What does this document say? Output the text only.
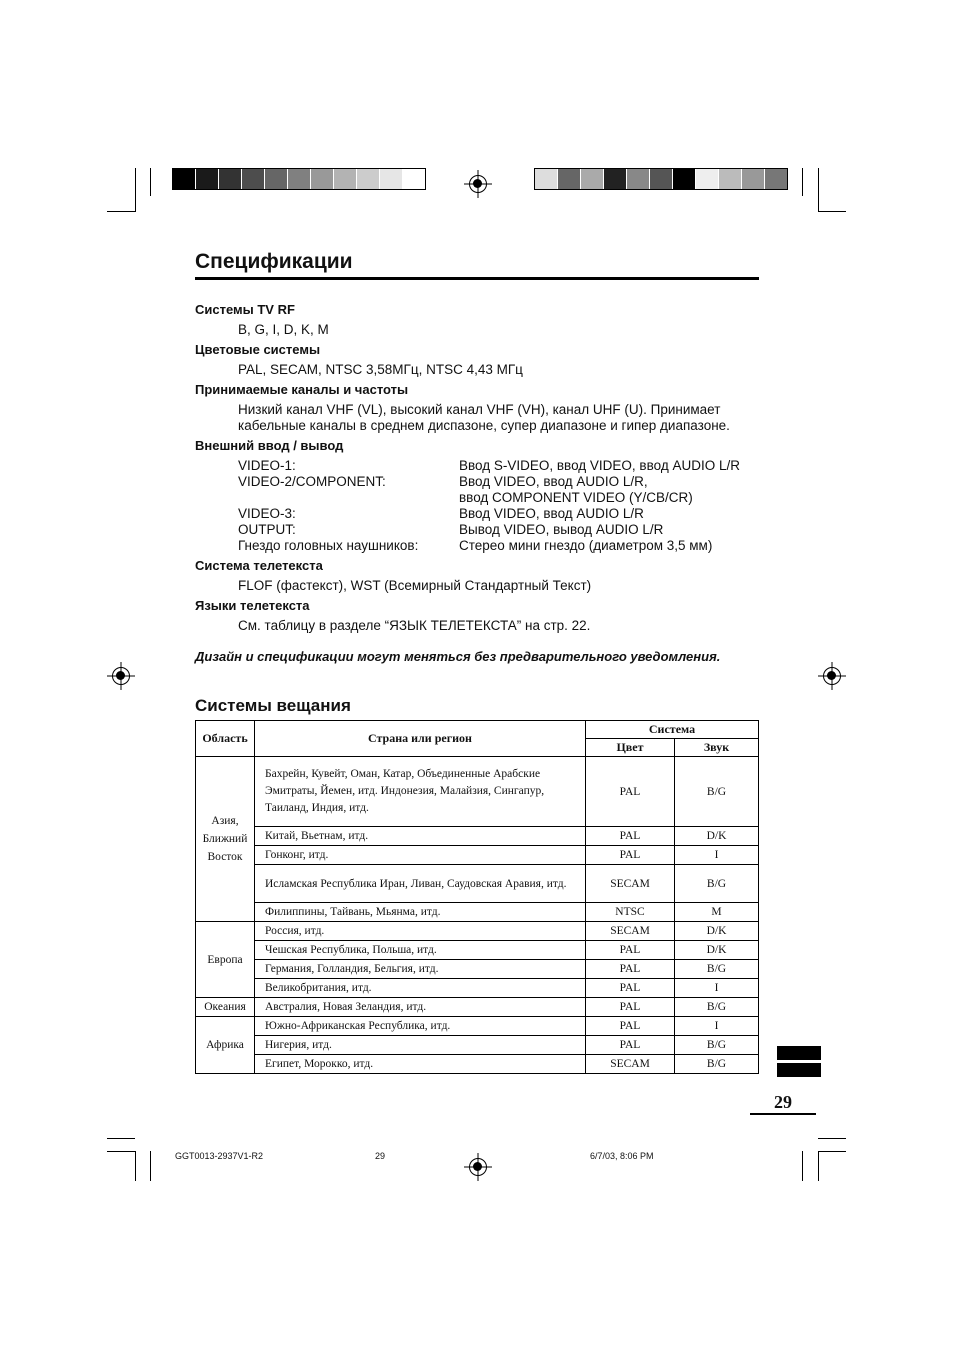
Спецификации
Системы TV RF
B, G, I, D, K, M
Цветовые системы
PAL, SECAM, NTSC 3,58МГц, NTSC 4,43 МГц
Принимаемые каналы и частоты
Низкий канал VHF (VL), высокий канал VHF (VH), канал UHF (U). Принимает
кабельные каналы в среднем диспазоне, супер диапазоне и гипер диапазоне.
Внешний ввод / вывод
VIDEO-1:	Ввод S-VIDEO, ввод VIDEO, ввод AUDIO L/R
VIDEO-2/COMPONENT:	Ввод VIDEO, ввод AUDIO L/R,
ввод COMPONENT VIDEO (Y/CB/CR)
VIDEO-3:	Ввод VIDEO, ввод AUDIO L/R
OUTPUT:	Вывод VIDEO, вывод AUDIO L/R
Гнездо головных наушников:	Стерео мини гнездо (диаметром 3,5 мм)
Система телетекста
FLOF (фастекст), WST (Всемирный Стандартный Текст)
Языки телетекста
См. таблицу в разделе “ЯЗЫК ТЕЛЕТЕКСТА” на стр. 22.
Дизайн и спецификации могут меняться без предварительного уведомления.
Системы вещания
Область	Страна или регион	Система	
		Цвет	Звук
Азия, Ближний Восток	Бахрейн, Кувейт, Оман, Катар, Объединенные Арабские Эмитраты, Йемен, итд. Индонезия, Малайзия, Сингапур, Таиланд, Индия, итд.	PAL	B/G
	Китай, Вьетнам, итд.	PAL	D/K
	Гонконг, итд.	PAL	I
	Исламская Республика Иран, Ливан, Саудовская Аравия, итд.	SECAM	B/G
	Филиппины, Тайвань, Мьянма, итд.	NTSC	M
Европа	Россия, итд.	SECAM	D/K
	Чешская Республика, Польша, итд.	PAL	D/K
	Германия, Голландия, Бельгия, итд.	PAL	B/G
	Великобритания, итд.	PAL	I
Океания	Австралия, Новая Зеландия, итд.	PAL	B/G
Африка	Южно-Африканская Республика, итд.	PAL	I
	Нигерия, итд.	PAL	B/G
	Египет, Морокко, итд.	SECAM	B/G
29
GGT0013-2937V1-R2	29	6/7/03, 8:06 PM
